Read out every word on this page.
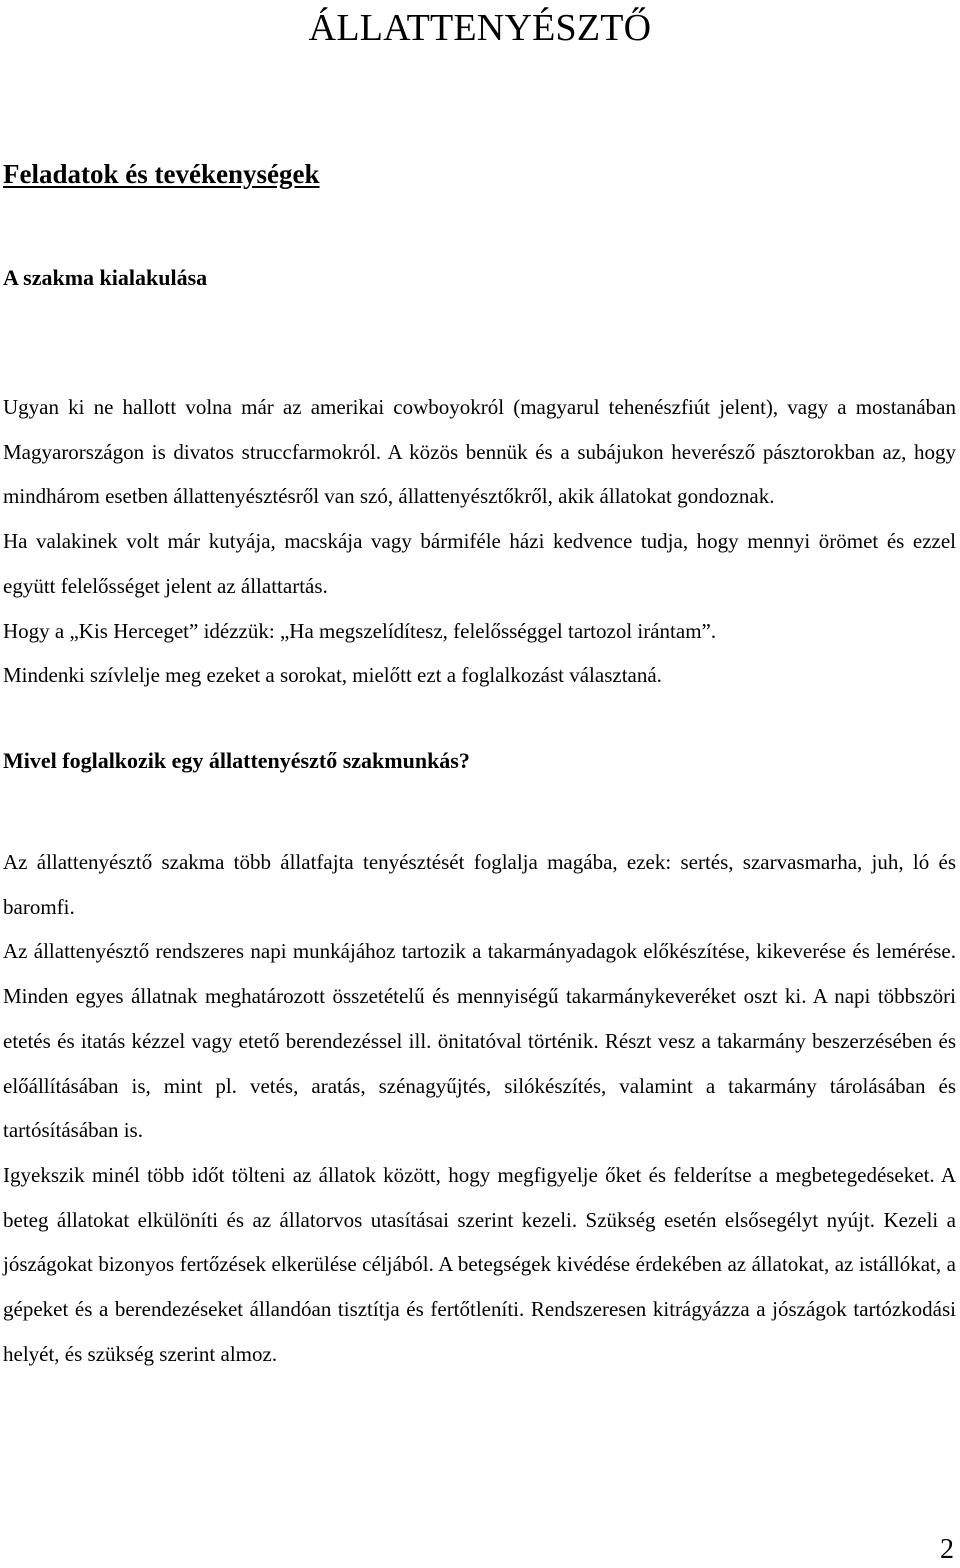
ÁLLATTENYÉSZTŐ
Feladatok és tevékenységek
A szakma kialakulása

Ugyan ki ne hallott volna már az amerikai cowboyokról (magyarul tehenészfiút jelent), vagy a mostanában Magyarországon is divatos struccfarmokról. A közös bennük és a subájukon heverésző pásztorokban az, hogy mindhárom esetben állattenyésztésről van szó, állattenyésztőkről, akik állatokat gondoznak.

Ha valakinek volt már kutyája, macskája vagy bármiféle házi kedvence tudja, hogy mennyi örömet és ezzel együtt felelősséget jelent az állattartás.

Hogy a „Kis Herceget” idézzük: „Ha megszelídítesz, felelősséggel tartozol irántam”.

Mindenki szívlelje meg ezeket a sorokat, mielőtt ezt a foglalkozást választaná.

Mivel foglalkozik egy állattenyésztő szakmunkás?

Az állattenyésztő szakma több állatfajta tenyésztését foglalja magába, ezek: sertés, szarvasmarha, juh, ló és baromfi.

Az állattenyésztő rendszeres napi munkájához tartozik a takarmányadagok előkészítése, kikeverése és lemérése. Minden egyes állatnak meghatározott összetételű és mennyiségű takarmánykeveréket oszt ki. A napi többszöri etetés és itatás kézzel vagy etető berendezéssel ill. önitatóval történik. Részt vesz a takarmány beszerzésében és előállításában is, mint pl. vetés, aratás, szénagyűjtés, silókészítés, valamint a takarmány tárolásában és tartósításában is.

Igyekszik minél több időt tölteni az állatok között, hogy megfigyelje őket és felderítse a megbetegedéseket. A beteg állatokat elkülöníti és az állatorvos utasításai szerint kezeli. Szükség esetén elsősegélyt nyújt. Kezeli a jószágokat bizonyos fertőzések elkerülése céljából. A betegségek kivédése érdekében az állatokat, az istállókat, a gépeket és a berendezéseket állandóan tisztítja és fertőtleníti. Rendszeresen kitrágyázza a jószágok tartózkodási helyét, és szükség szerint almoz.

2
